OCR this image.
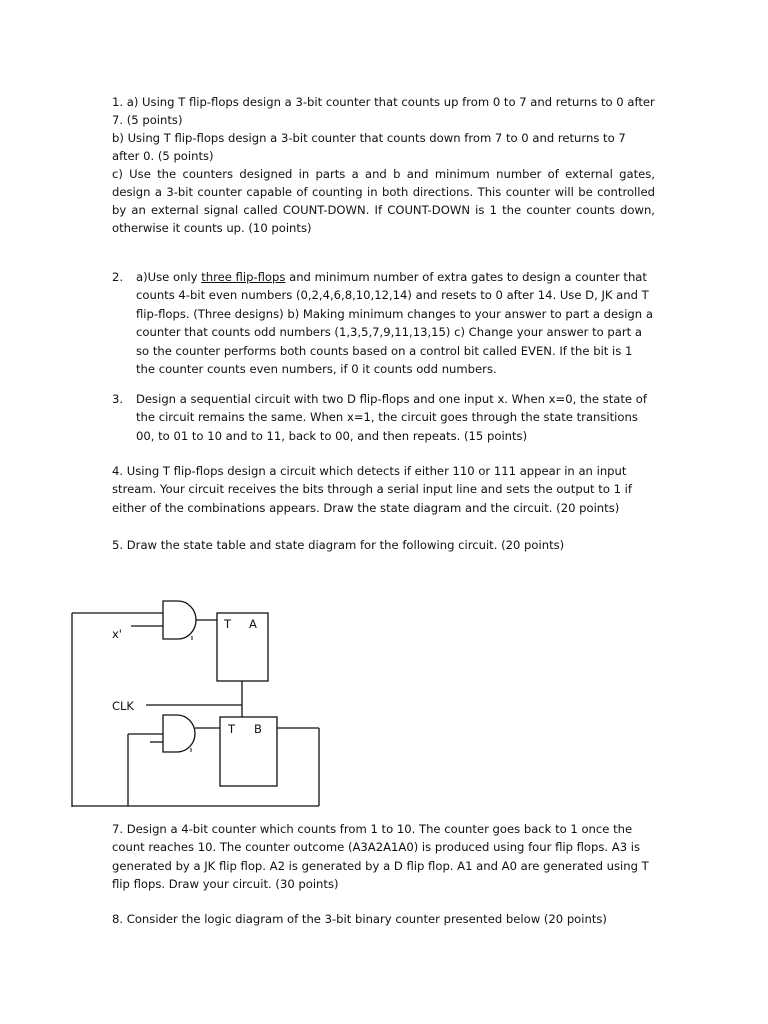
1. a) Using T flip-flops design a 3-bit counter that counts up from 0 to 7 and returns to 0 after 7. (5 points)
b) Using T flip-flops design a 3-bit counter that counts down from 7 to 0 and returns to 7 after 0. (5 points)
c) Use the counters designed in parts a and b and minimum number of external gates, design a 3-bit counter capable of counting in both directions. This counter will be controlled by an external signal called COUNT-DOWN. If COUNT-DOWN is 1 the counter counts down, otherwise it counts up. (10 points)
2. a)Use only three flip-flops and minimum number of extra gates to design a counter that counts 4-bit even numbers (0,2,4,6,8,10,12,14) and resets to 0 after 14. Use D, JK and T flip-flops. (Three designs) b) Making minimum changes to your answer to part a design a counter that counts odd numbers (1,3,5,7,9,11,13,15) c) Change your answer to part a so the counter performs both counts based on a control bit called EVEN. If the bit is 1 the counter counts even numbers, if 0 it counts odd numbers.
3. Design a sequential circuit with two D flip-flops and one input x. When x=0, the state of the circuit remains the same. When x=1, the circuit goes through the state transitions 00, to 01 to 10 and to 11, back to 00, and then repeats. (15 points)
4. Using T flip-flops design a circuit which detects if either 110 or 111 appear in an input stream. Your circuit receives the bits through a serial input line and sets the output to 1 if either of the combinations appears. Draw the state diagram and the circuit. (20 points)
5. Draw the state table and state diagram for the following circuit. (20 points)
T A
T B
x'
CLK
7. Design a 4-bit counter which counts from 1 to 10. The counter goes back to 1 once the count reaches 10. The counter outcome (A3A2A1A0) is produced using four flip flops. A3 is generated by a JK flip flop. A2 is generated by a D flip flop. A1 and A0 are generated using T flip flops. Draw your circuit. (30 points)
8. Consider the logic diagram of the 3-bit binary counter presented below (20 points)
